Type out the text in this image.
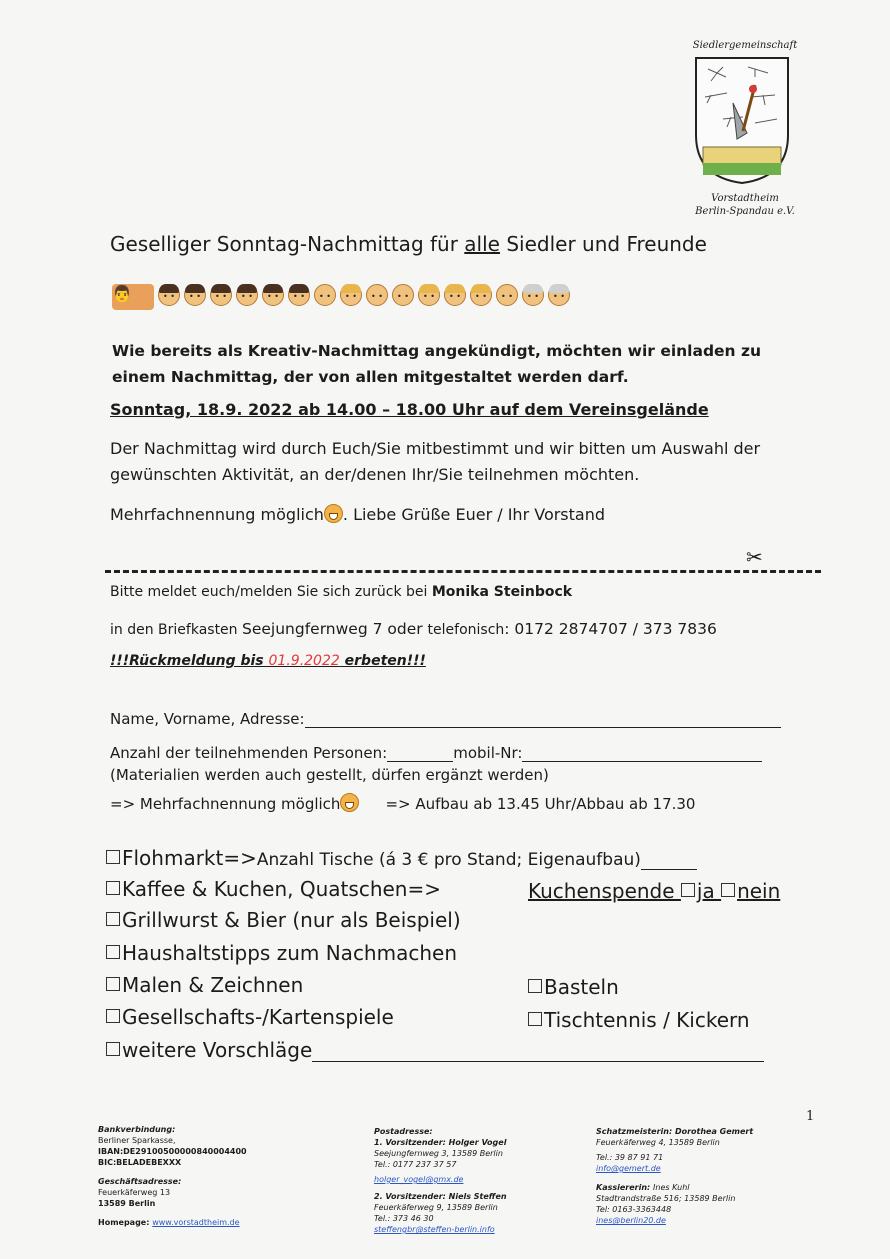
Siedlergemeinschaft
Vorstadtheim
Berlin-Spandau e.V.
Geselliger Sonntag-Nachmittag für alle Siedler und Freunde
👨
• •
• •
• •
• •
• •
• •
• •
• •
• •
• •
• •
• •
• •
• •
• •
• •

Wie bereits als Kreativ-Nachmittag angekündigt, möchten wir einladen zu einem Nachmittag, der von allen mitgestaltet werden darf.

Sonntag, 18.9. 2022 ab 14.00 – 18.00 Uhr auf dem Vereinsgelände

Der Nachmittag wird durch Euch/Sie mitbestimmt und wir bitten um Auswahl der gewünschten Aktivität, an der/denen Ihr/Sie teilnehmen möchten.

Mehrfachnennung möglich . Liebe Grüße Euer / Ihr Vorstand

✂

Bitte meldet euch/melden Sie sich zurück bei Monika Steinbock

in den Briefkasten Seejungfernweg 7 oder telefonisch: 0172 2874707 / 373 7836

!!!Rückmeldung bis 01.9.2022 erbeten!!!

Name, Vorname, Adresse:

Anzahl der teilnehmenden Personen:	mobil-Nr:

(Materialien werden auch gestellt, dürfen ergänzt werden)

=> Mehrfachnennung möglich	=> Aufbau ab 13.45 Uhr/Abbau ab 17.30

Flohmarkt=>Anzahl Tische (á 3 € pro Stand; Eigenaufbau)

Kaffee & Kuchen, Quatschen=>	Kuchenspende ja nein

Grillwurst & Bier (nur als Beispiel)

Haushaltstipps zum Nachmachen

Malen & Zeichnen	Basteln

Gesellschafts-/Kartenspiele	Tischtennis / Kickern

weitere Vorschläge

1
Bankverbindung:
Berliner Sparkasse,
IBAN:DE29100500000840004400
BIC:BELADEBEXXX
Geschäftsadresse:
Feuerkäferweg 13
13589 Berlin
Homepage: www.vorstadtheim.de
Postadresse:
1. Vorsitzender: Holger Vogel
Seejungfernweg 3, 13589 Berlin
Tel.: 0177 237 37 57
holger_vogel@gmx.de
2. Vorsitzender: Niels Steffen
Feuerkäferweg 9, 13589 Berlin
Tel.: 373 46 30
steffengbr@steffen-berlin.info
Schatzmeisterin: Dorothea Gemert
Feuerkäferweg 4, 13589 Berlin
Tel.: 39 87 91 71
info@gemert.de
Kassiererin: Ines Kuhl
Stadtrandstraße 516; 13589 Berlin
Tel: 0163-3363448
ines@berlin20.de
